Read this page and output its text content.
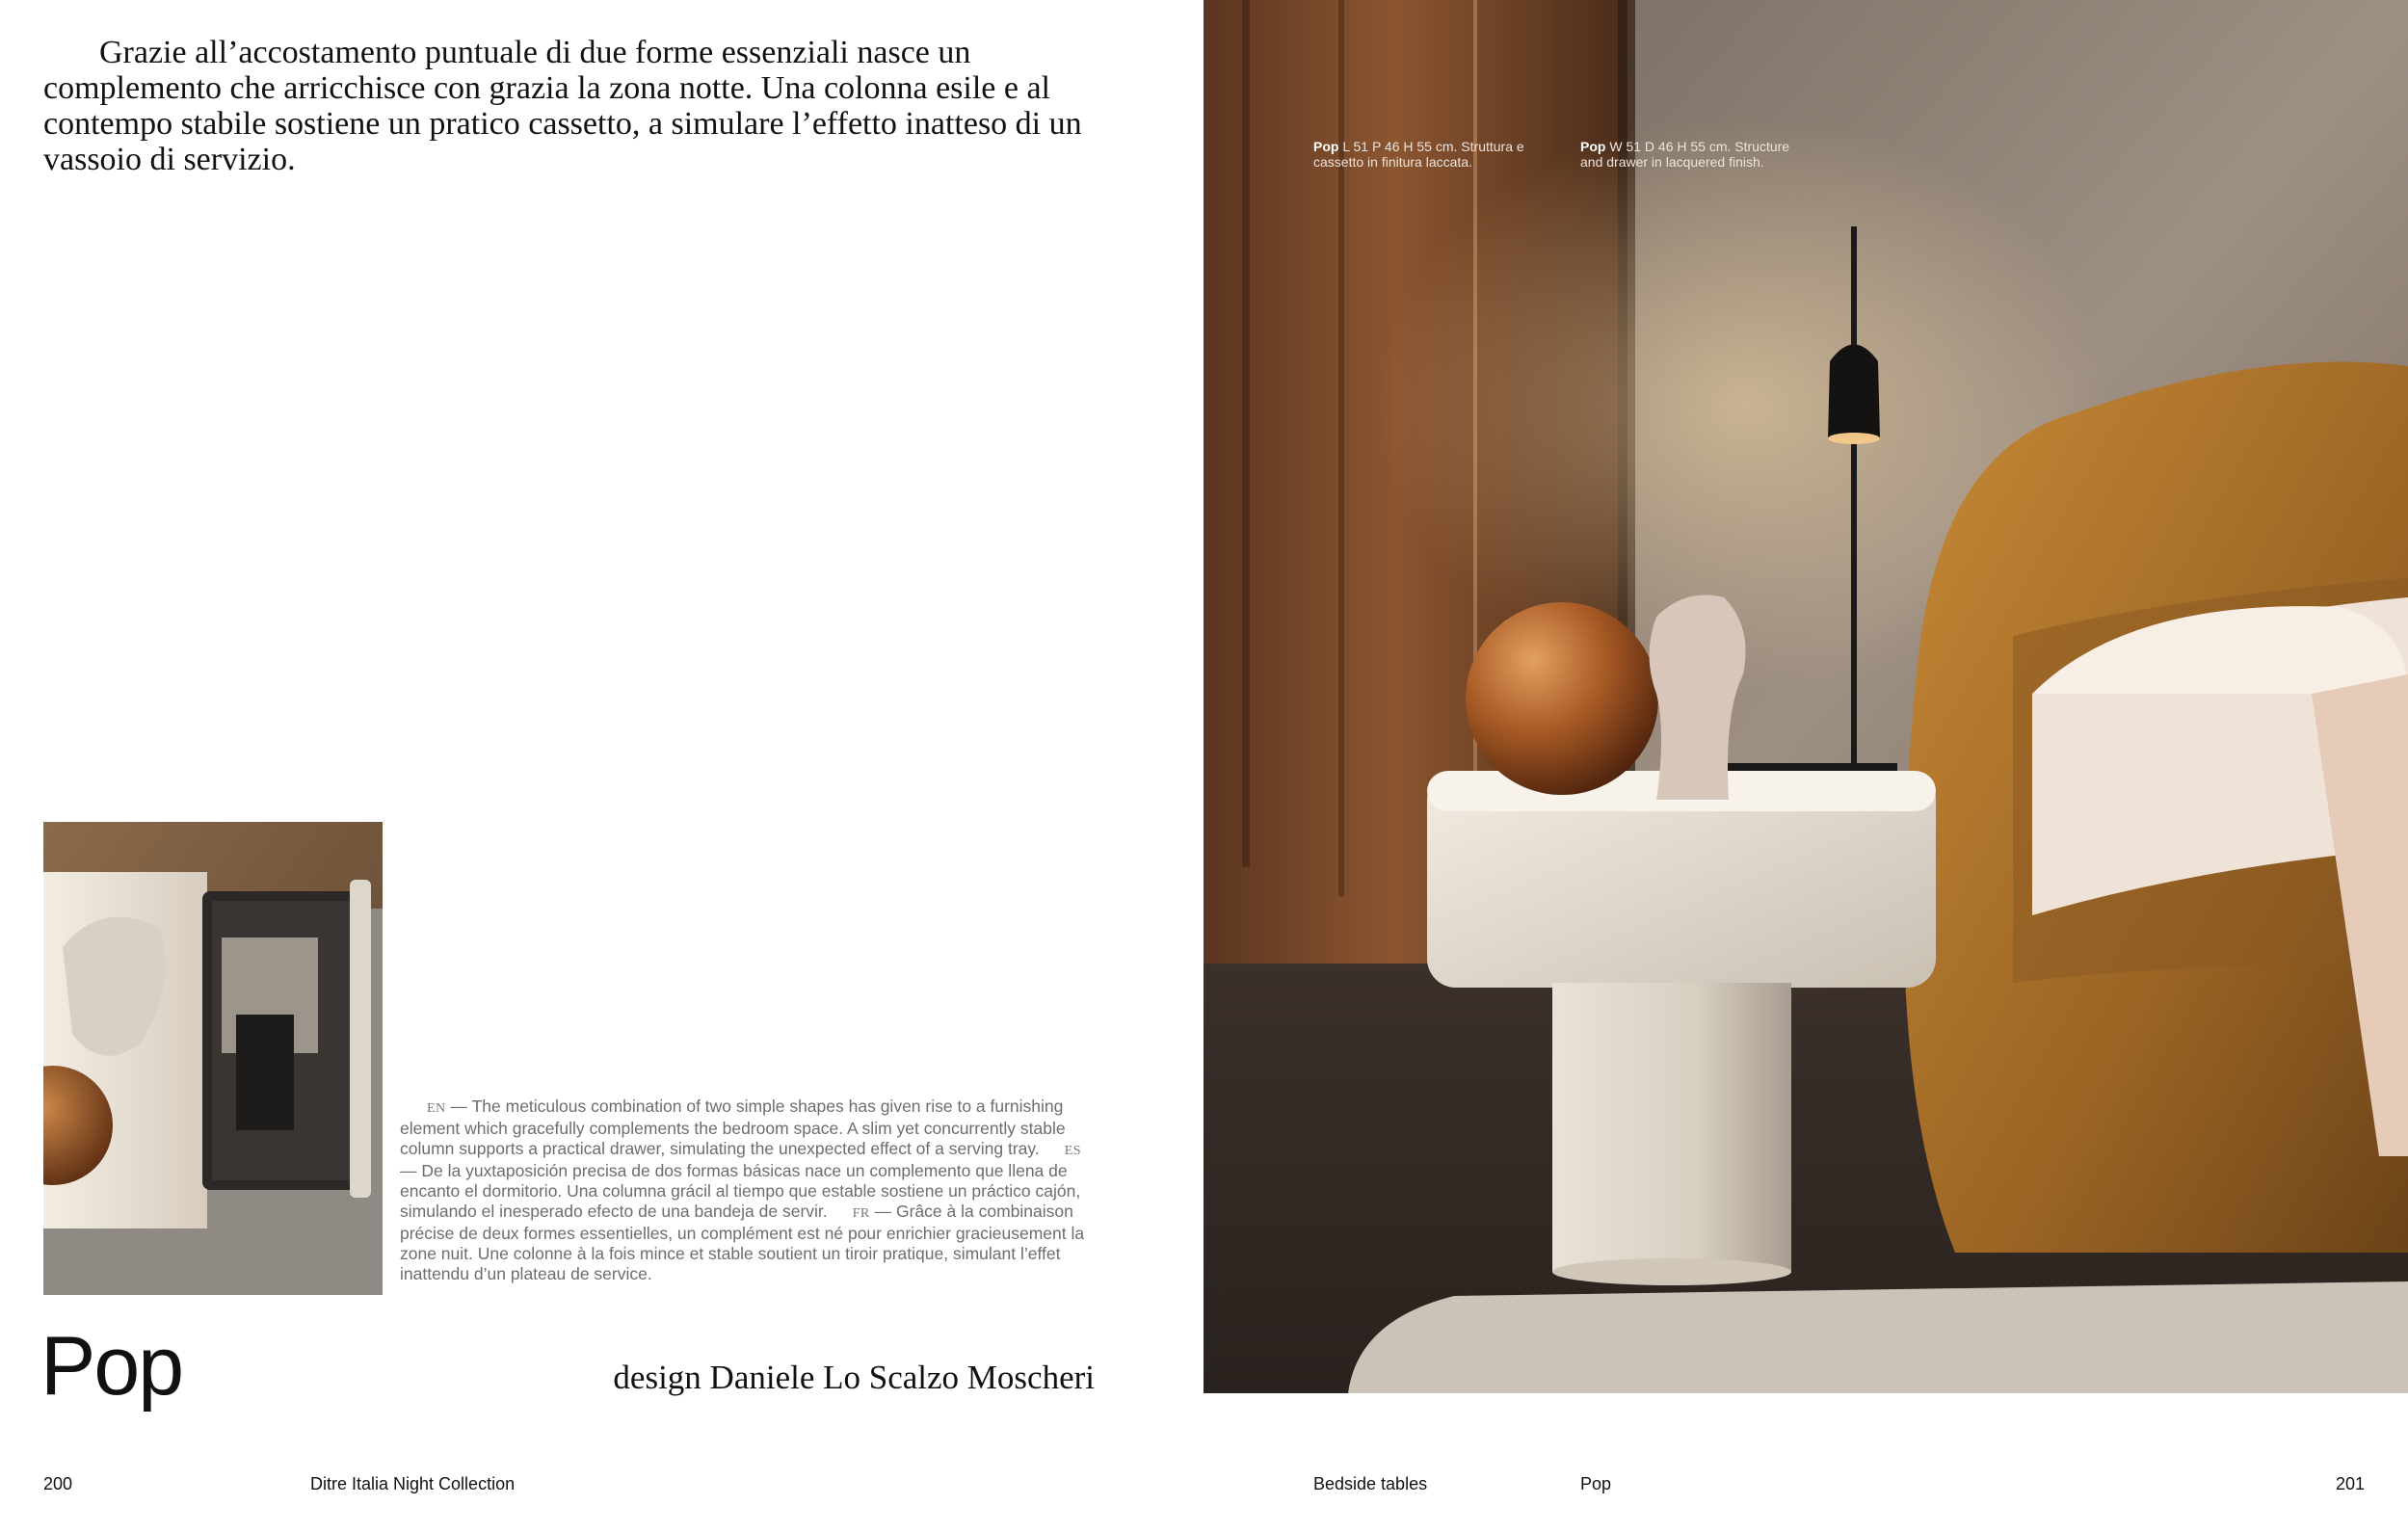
Grazie all’accostamento puntuale di due forme essenziali nasce un complemento che arricchisce con grazia la zona notte. Una colonna esile e al contempo stabile sostiene un pratico cassetto, a simulare l’effetto inatteso di un vassoio di servizio.

EN — The meticulous combination of two simple shapes has given rise to a furnishing element which gracefully complements the bedroom space. A slim yet concurrently stable column supports a practical drawer, simulating the unexpected effect of a serving tray. ES — De la yuxtaposición precisa de dos formas básicas nace un complemento que llena de encanto el dormitorio. Una columna grácil al tiempo que estable sostiene un práctico cajón, simulando el inesperado efecto de una bandeja de servir. FR — Grâce à la combinaison précise de deux formes essentielles, un complément est né pour enrichier gracieusement la zone nuit. Une colonne à la fois mince et stable soutient un tiroir pratique, simulant l’effet inattendu d’un plateau de service.

Pop	design Daniele Lo Scalzo Moscheri
Pop L 51 P 46 H 55 cm. Struttura e
cassetto in finitura laccata.
Pop W 51 D 46 H 55 cm. Structure
and drawer in lacquered finish.
200	Ditre Italia Night Collection	Bedside tables	Pop	201
